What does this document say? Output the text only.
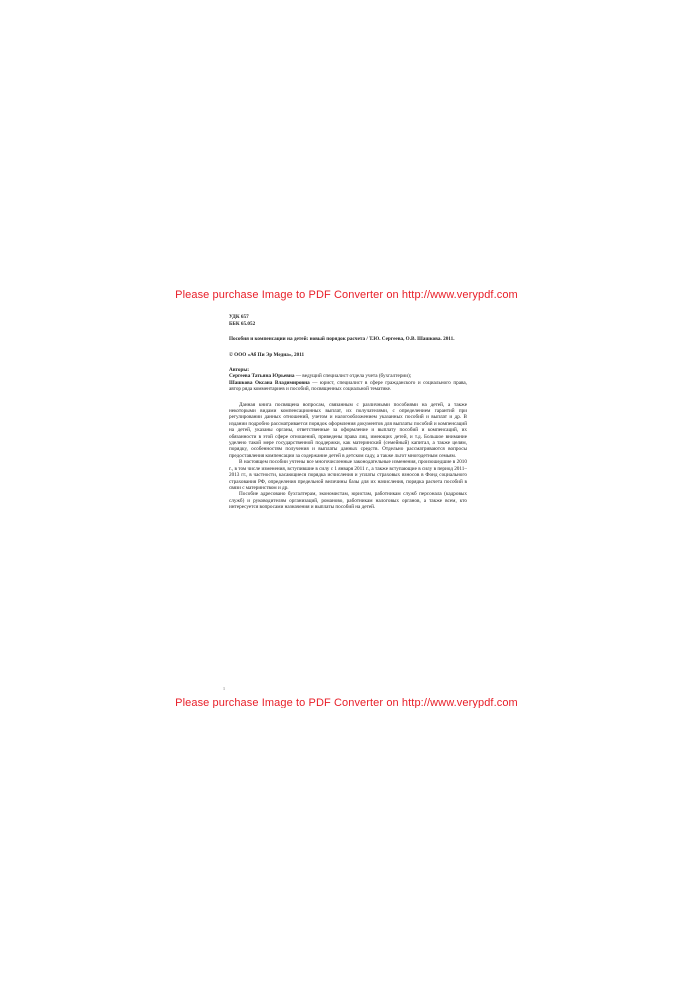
Please purchase Image to PDF Converter on http://www.verypdf.com
УДК 657
ББК 65.052
Пособия и компенсации на детей: новый порядок расчета / Т.Ю. Сергеева, О.В. Шашкова. 2011.
© ООО «Аб Пи Эр Медиа», 2011
Авторы:
Сергеева Татьяна Юрьевна — ведущий специалист отдела учета (бухгалтерии);
Шашкова Оксана Владимировна — юрист, специалист в сфере гражданского и социального права, автор ряда комментариев и пособий, посвященных социальной тематике.
Данная книга посвящена вопросам, связанным с различными пособиями на детей, а также некоторыми видами компенсационных выплат, их получателями, с определением гарантий при регулировании данных отношений, учетом и налогообложением указанных пособий и выплат и др. В издании подробно рассматривается порядок оформления документов для выплаты пособий и компенсаций на детей, указаны органы, ответственные за оформление и выплату пособий и компенсаций, их обязанности в этой сфере отношений, приведены права лиц, имеющих детей, и т.д. Большое внимание уделено такой мере государственной поддержки, как материнский (семейный) капитал, а также целям, порядку, особенностям получения и выплаты данных средств. Отдельно рассматриваются вопросы предоставления компенсации за содержание детей в детском саду, а также льгот многодетным семьям.
В настоящем пособии учтены все многочисленные законодательные изменения, произошедшие в 2010 г., в том числе изменения, вступившие в силу с 1 января 2011 г., а также вступающие в силу в период 2011–2013 гг., в частности, касающиеся порядка исчисления и уплаты страховых взносов в Фонд социального страхования РФ, определения предельной величины базы для их начисления, порядка расчета пособий в связи с материнством и др.
Пособие адресовано бухгалтерам, экономистам, юристам, работникам служб персонала (кадровых служб) и руководителям организаций, романово, работникам налоговых органов, а также всем, кто интересуется вопросами назначения и выплаты пособий на детей.
1
Please purchase Image to PDF Converter on http://www.verypdf.com
